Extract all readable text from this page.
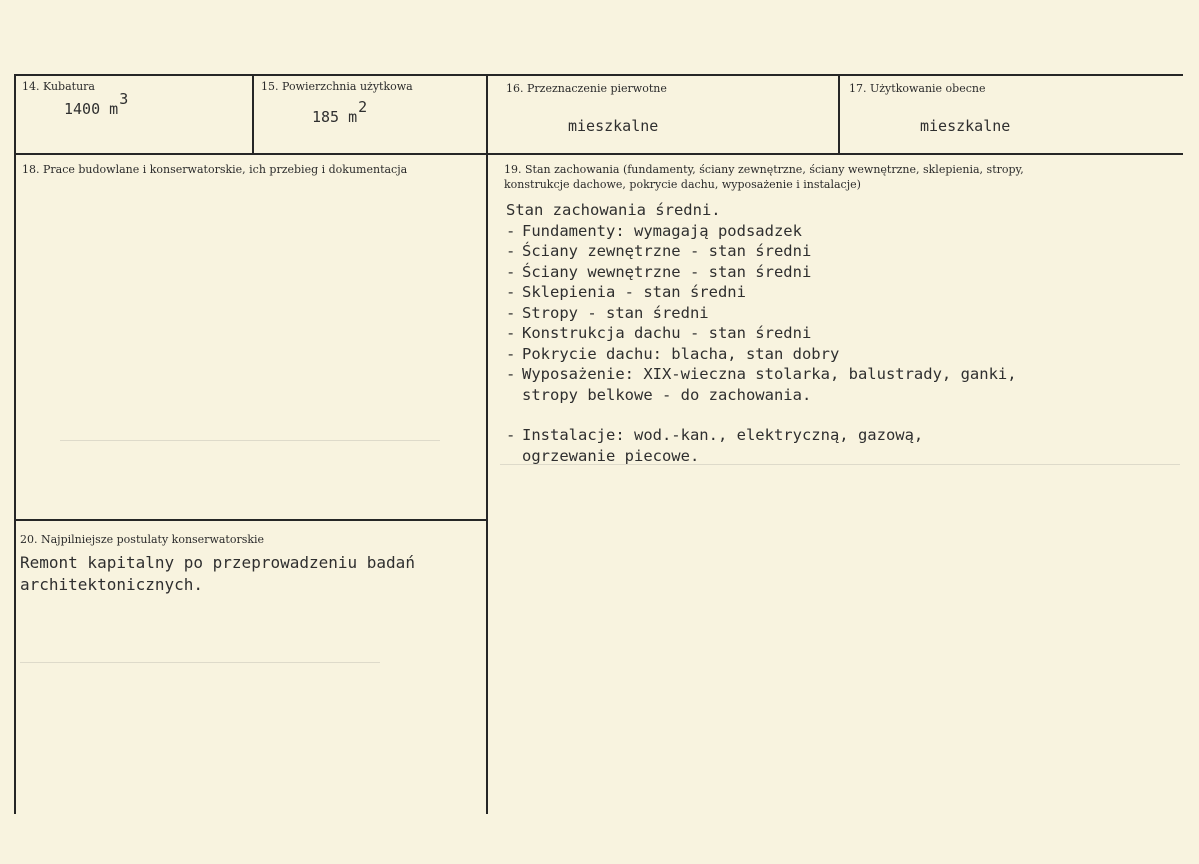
14. Kubatura
1400 m3
15. Powierzchnia użytkowa
185 m2
16. Przeznaczenie pierwotne
mieszkalne
17. Użytkowanie obecne
mieszkalne
18. Prace budowlane i konserwatorskie, ich przebieg i dokumentacja	19. Stan zachowania (fundamenty, ściany zewnętrzne, ściany wewnętrzne, sklepienia, stropy,
konstrukcje dachowe, pokrycie dachu, wyposażenie i instalacje)
Stan zachowania średni.
- Fundamenty: wymagają podsadzek
- Ściany zewnętrzne - stan średni
- Ściany wewnętrzne - stan średni
- Sklepienia - stan średni
- Stropy - stan średni
- Konstrukcja dachu - stan średni
- Pokrycie dachu: blacha, stan dobry
- Wyposażenie: XIX-wieczna stolarka, balustrady, ganki,
stropy belkowe - do zachowania.
- Instalacje: wod.-kan., elektryczną, gazową,
ogrzewanie piecowe.
20. Najpilniejsze postulaty konserwatorskie
Remont kapitalny po przeprowadzeniu badań
architektonicznych.
